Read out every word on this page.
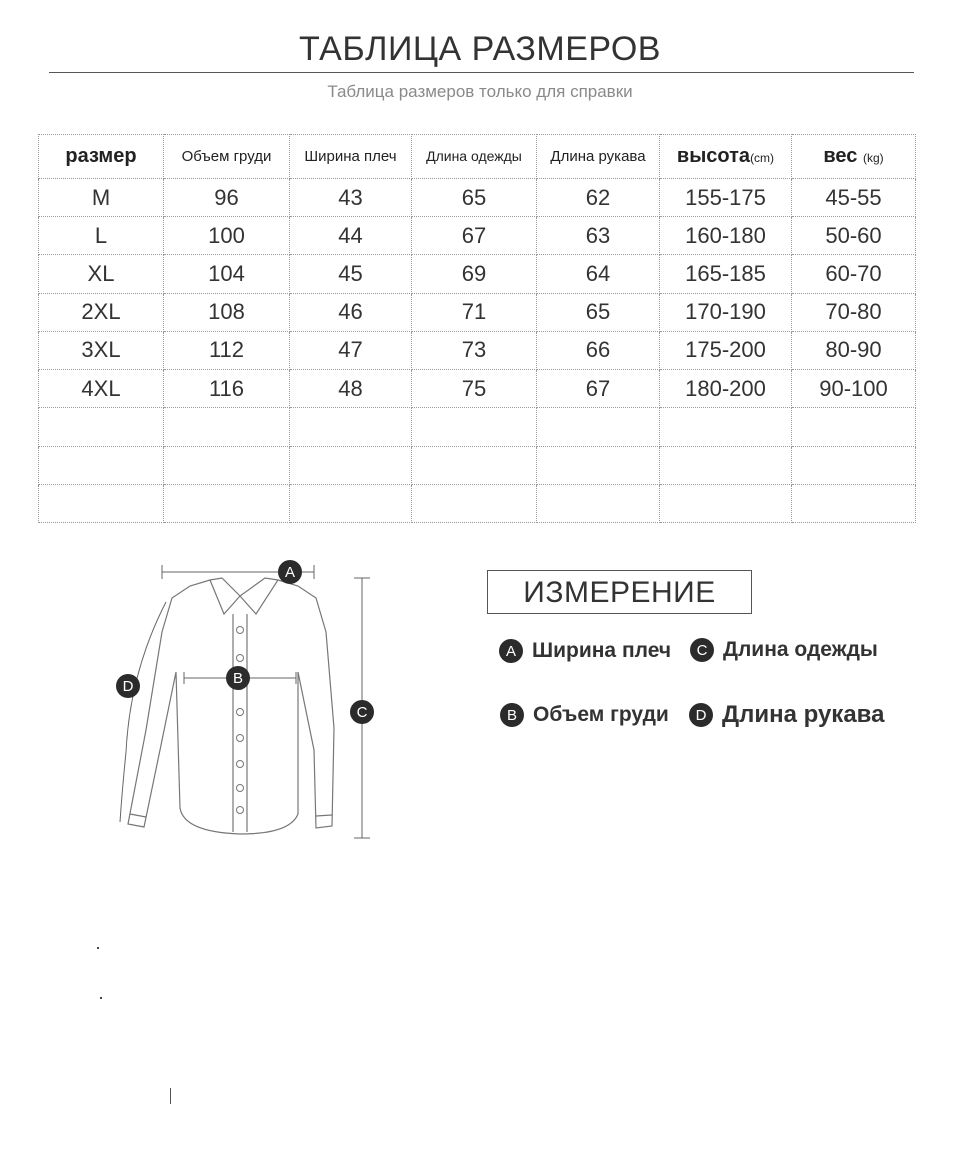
ТАБЛИЦА РАЗМЕРОВ
Таблица размеров только для справки
размер	Объем груди	Ширина плеч	Длина одежды	Длина рукава	высота(cm)	вес (kg)
M	96	43	65	62	155-175	45-55
L	100	44	67	63	160-180	50-60
XL	104	45	69	64	165-185	60-70
2XL	108	46	71	65	170-190	70-80
3XL	112	47	73	66	175-200	80-90
4XL	116	48	75	67	180-200	90-100

A
B
C
D
ИЗМЕРЕНИЕ
A Ширина плеч	C Длина одежды
B Объем груди	D Длина рукава
